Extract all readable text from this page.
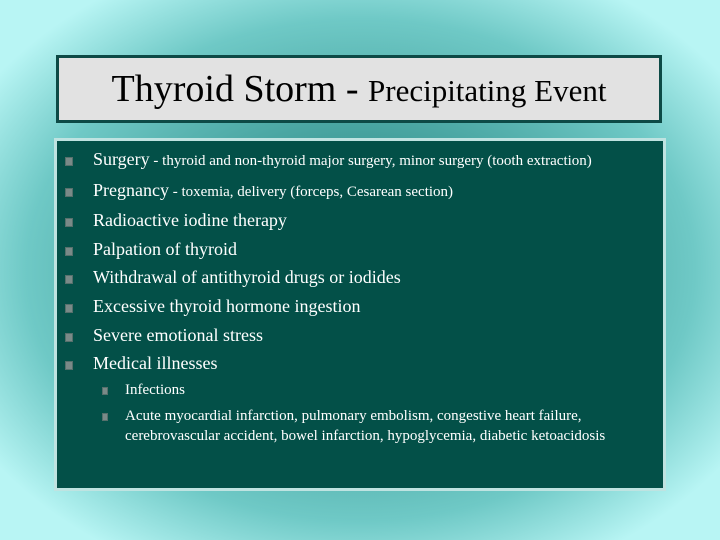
Thyroid Storm - Precipitating Event
Surgery - thyroid and non-thyroid major surgery, minor surgery (tooth extraction)
Pregnancy - toxemia, delivery (forceps, Cesarean section)
Radioactive iodine therapy
Palpation of thyroid
Withdrawal of antithyroid drugs or iodides
Excessive thyroid hormone ingestion
Severe emotional stress
Medical illnesses
Infections
Acute myocardial infarction, pulmonary embolism, congestive heart failure, cerebrovascular accident, bowel infarction, hypoglycemia, diabetic ketoacidosis
